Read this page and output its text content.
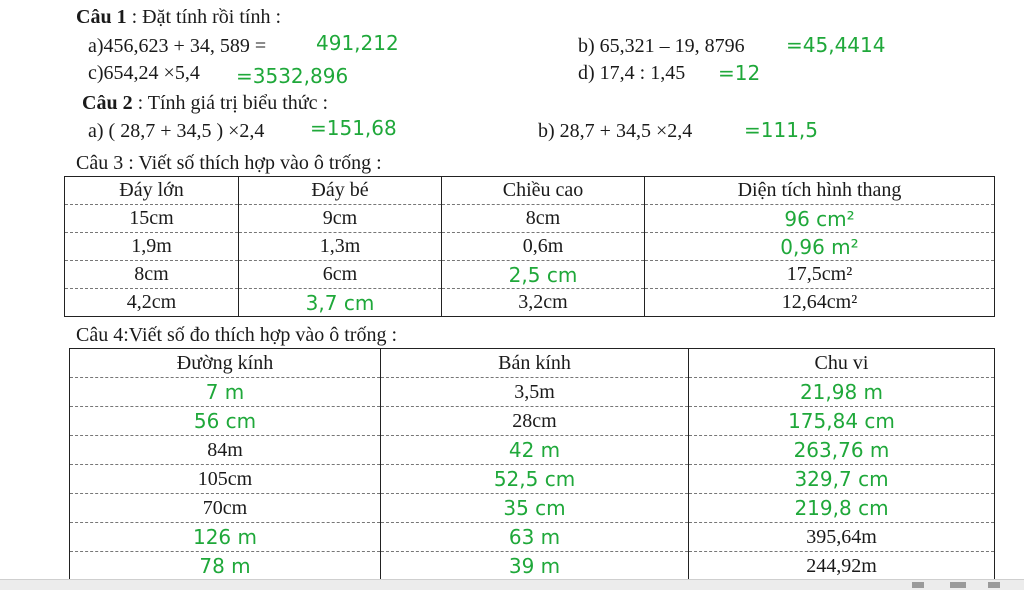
Câu 1 : Đặt tính rồi tính :
a)456,623 + 34, 589 = 491,212	b) 65,321 – 19, 8796 =45,4414
c)654,24 ×5,4 =3532,896	d) 17,4 : 1,45 =12
Câu 2 : Tính giá trị biểu thức :
a) ( 28,7 + 34,5 ) ×2,4 =151,68	b) 28,7 + 34,5 ×2,4	=111,5
Câu 3 : Viết số thích hợp vào ô trống :
Đáy lớn	Đáy bé	Chiều cao	Diện tích hình thang
15cm	9cm	8cm	96 cm²
1,9m	1,3m	0,6m	0,96 m²
8cm	6cm	2,5 cm	17,5cm²
4,2cm	3,7 cm	3,2cm	12,64cm²
Câu 4:Viết số đo thích hợp vào ô trống :
Đường kính	Bán kính	Chu vi
7 m	3,5m	21,98 m
56 cm	28cm	175,84 cm
84m	42 m	263,76 m
105cm	52,5 cm	329,7 cm
70cm	35 cm	219,8 cm
126 m	63 m	395,64m
78 m	39 m	244,92m
